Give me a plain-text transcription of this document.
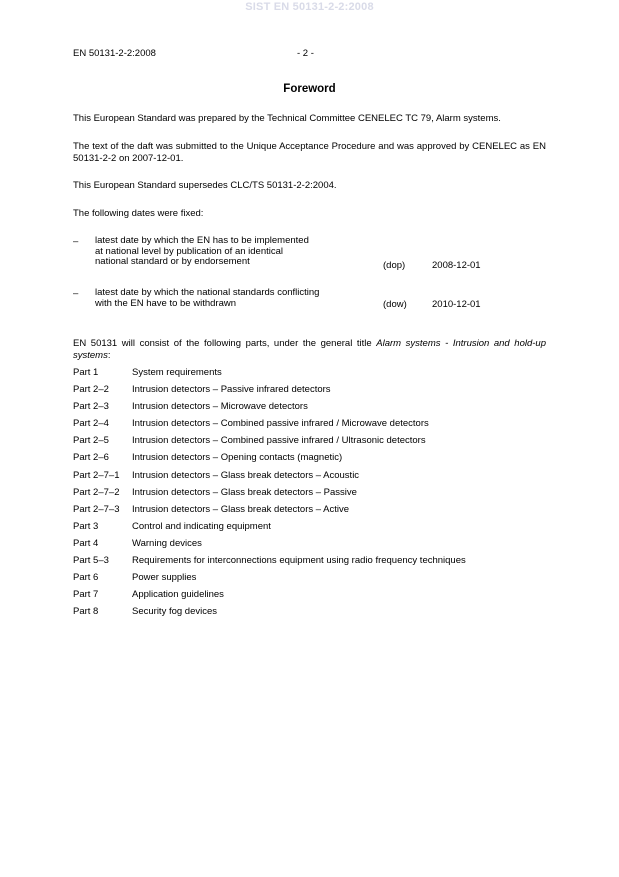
SIST EN 50131-2-2:2008
EN 50131-2-2:2008	- 2 -
Foreword
This European Standard was prepared by the Technical Committee CENELEC TC 79, Alarm systems.
The text of the daft was submitted to the Unique Acceptance Procedure and was approved by CENELEC as EN 50131-2-2 on 2007-12-01.
This European Standard supersedes CLC/TS 50131-2-2:2004.
The following dates were fixed:
– latest date by which the EN has to be implemented
at national level by publication of an identical
national standard or by endorsement	(dop)	2008-12-01
– latest date by which the national standards conflicting
with the EN have to be withdrawn	(dow)	2010-12-01
EN 50131 will consist of the following parts, under the general title Alarm systems - Intrusion and hold-up systems:
Part 1	System requirements
Part 2–2 Intrusion detectors – Passive infrared detectors
Part 2–3 Intrusion detectors – Microwave detectors
Part 2–4 Intrusion detectors – Combined passive infrared / Microwave detectors
Part 2–5 Intrusion detectors – Combined passive infrared / Ultrasonic detectors
Part 2–6 Intrusion detectors – Opening contacts (magnetic)
Part 2–7–1 Intrusion detectors – Glass break detectors – Acoustic
Part 2–7–2 Intrusion detectors – Glass break detectors – Passive
Part 2–7–3 Intrusion detectors – Glass break detectors – Active
Part 3	Control and indicating equipment
Part 4	Warning devices
Part 5–3 Requirements for interconnections equipment using radio frequency techniques
Part 6	Power supplies
Part 7	Application guidelines
Part 8	Security fog devices
